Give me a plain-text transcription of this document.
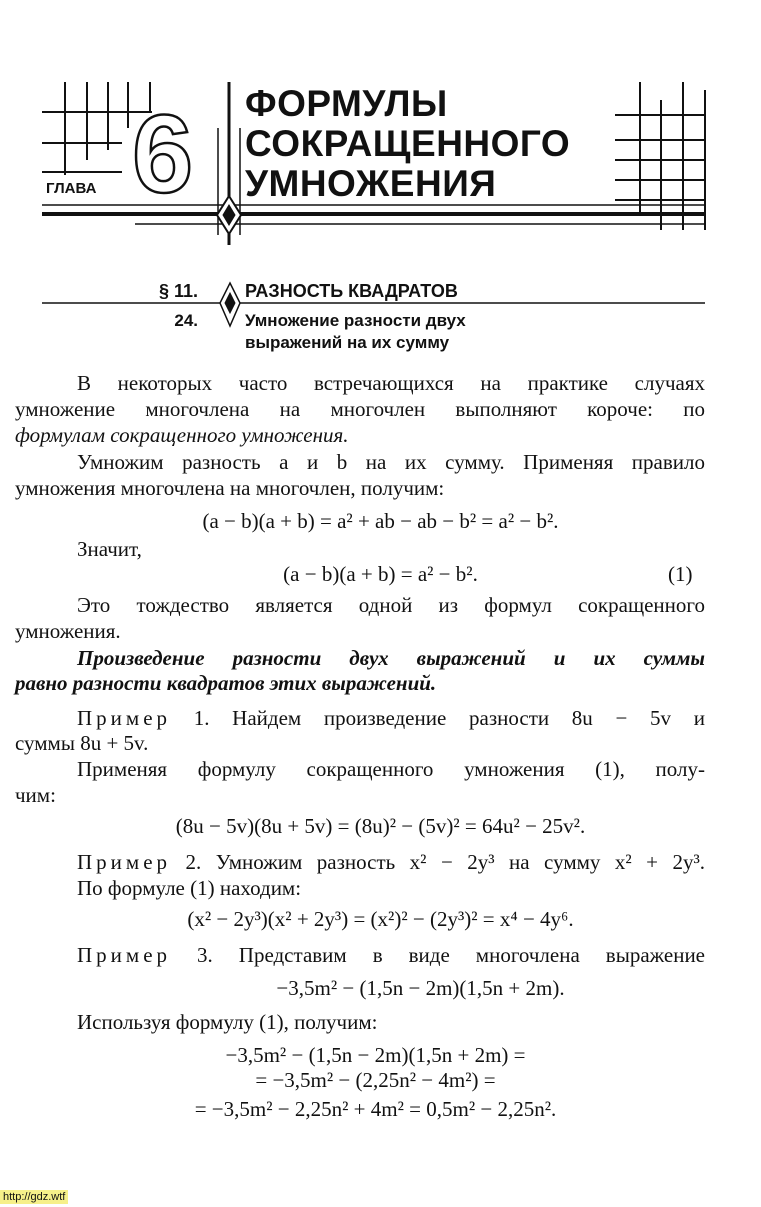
6
ГЛАВА
ФОРМУЛЫ
СОКРАЩЕННОГО
УМНОЖЕНИЯ
§ 11.	РАЗНОСТЬ КВАДРАТОВ
24.	Умножение разности двух
выражений на их сумму
В некоторых часто встречающихся на практике случаях
умножение многочлена на многочлен выполняют короче: по
формулам сокращенного умножения.
Умножим разность a и b на их сумму. Применяя правило
умножения многочлена на многочлен, получим:
(a − b)(a + b) = a² + ab − ab − b² = a² − b².
Значит,
(a − b)(a + b) = a² − b².	(1)
Это тождество является одной из формул сокращенного
умножения.
Произведение разности двух выражений и их суммы
равно разности квадратов этих выражений.
Пример 1. Найдем произведение разности 8u − 5v и
суммы 8u + 5v.
Применяя формулу сокращенного умножения (1), полу-
чим:
(8u − 5v)(8u + 5v) = (8u)² − (5v)² = 64u² − 25v².
Пример 2. Умножим разность x² − 2y³ на сумму x² + 2y³.
По формуле (1) находим:
(x² − 2y³)(x² + 2y³) = (x²)² − (2y³)² = x⁴ − 4y⁶.
Пример 3. Представим в виде многочлена выражение
−3,5m² − (1,5n − 2m)(1,5n + 2m).
Используя формулу (1), получим:
−3,5m² − (1,5n − 2m)(1,5n + 2m) =
= −3,5m² − (2,25n² − 4m²) =
= −3,5m² − 2,25n² + 4m² = 0,5m² − 2,25n².
http://gdz.wtf
